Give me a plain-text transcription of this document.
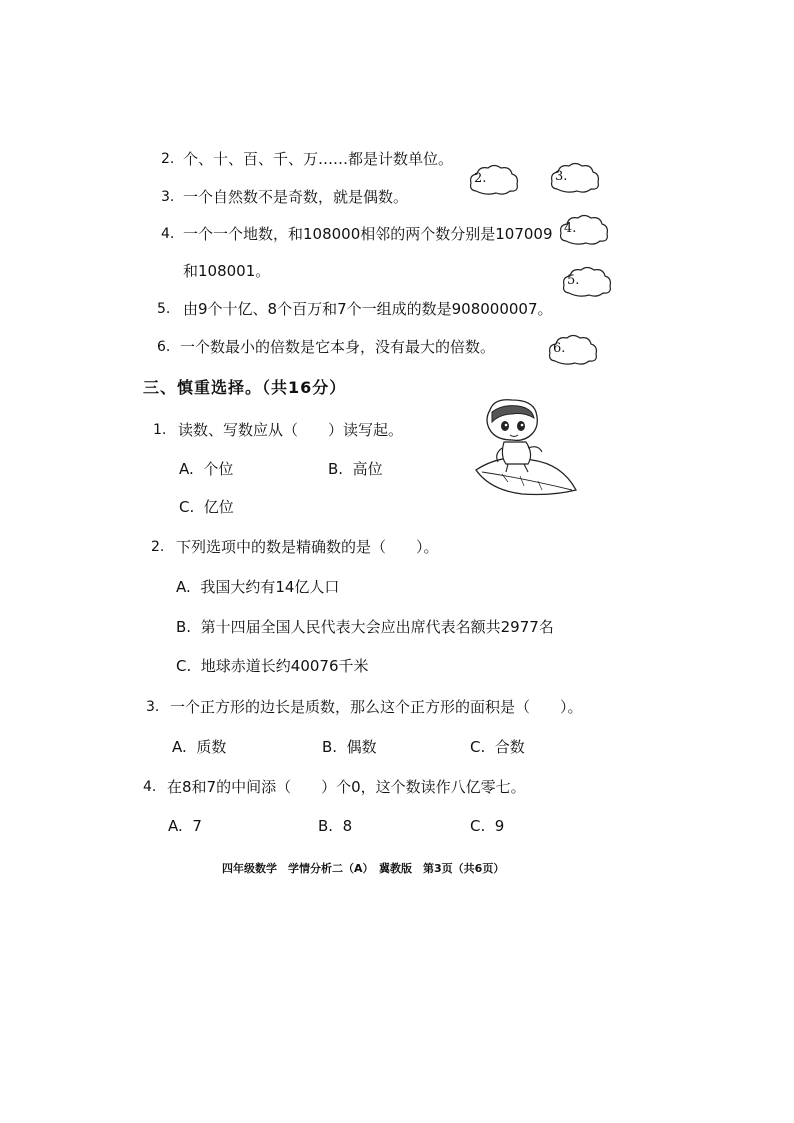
2. 个、十、百、千、万……都是计数单位。
3. 一个自然数不是奇数，就是偶数。
4. 一个一个地数，和108000相邻的两个数分别是107009
和108001。
5. 由9个十亿、8个百万和7个一组成的数是908000007。
6. 一个数最小的倍数是它本身，没有最大的倍数。
2.	3.
4.
5.
6.
三、慎重选择。（共16分）
1. 读数、写数应从（　　）读写起。
A. 个位	B. 高位
C. 亿位
2. 下列选项中的数是精确数的是（　　）。
A. 我国大约有14亿人口
B. 第十四届全国人民代表大会应出席代表名额共2977名
C. 地球赤道长约40076千米
3. 一个正方形的边长是质数，那么这个正方形的面积是（　　）。
A. 质数	B. 偶数	C. 合数
4. 在8和7的中间添（　　）个0，这个数读作八亿零七。
A. 7	B. 8	C. 9
四年级数学　学情分析二（A）　冀教版　第3页（共6页）
